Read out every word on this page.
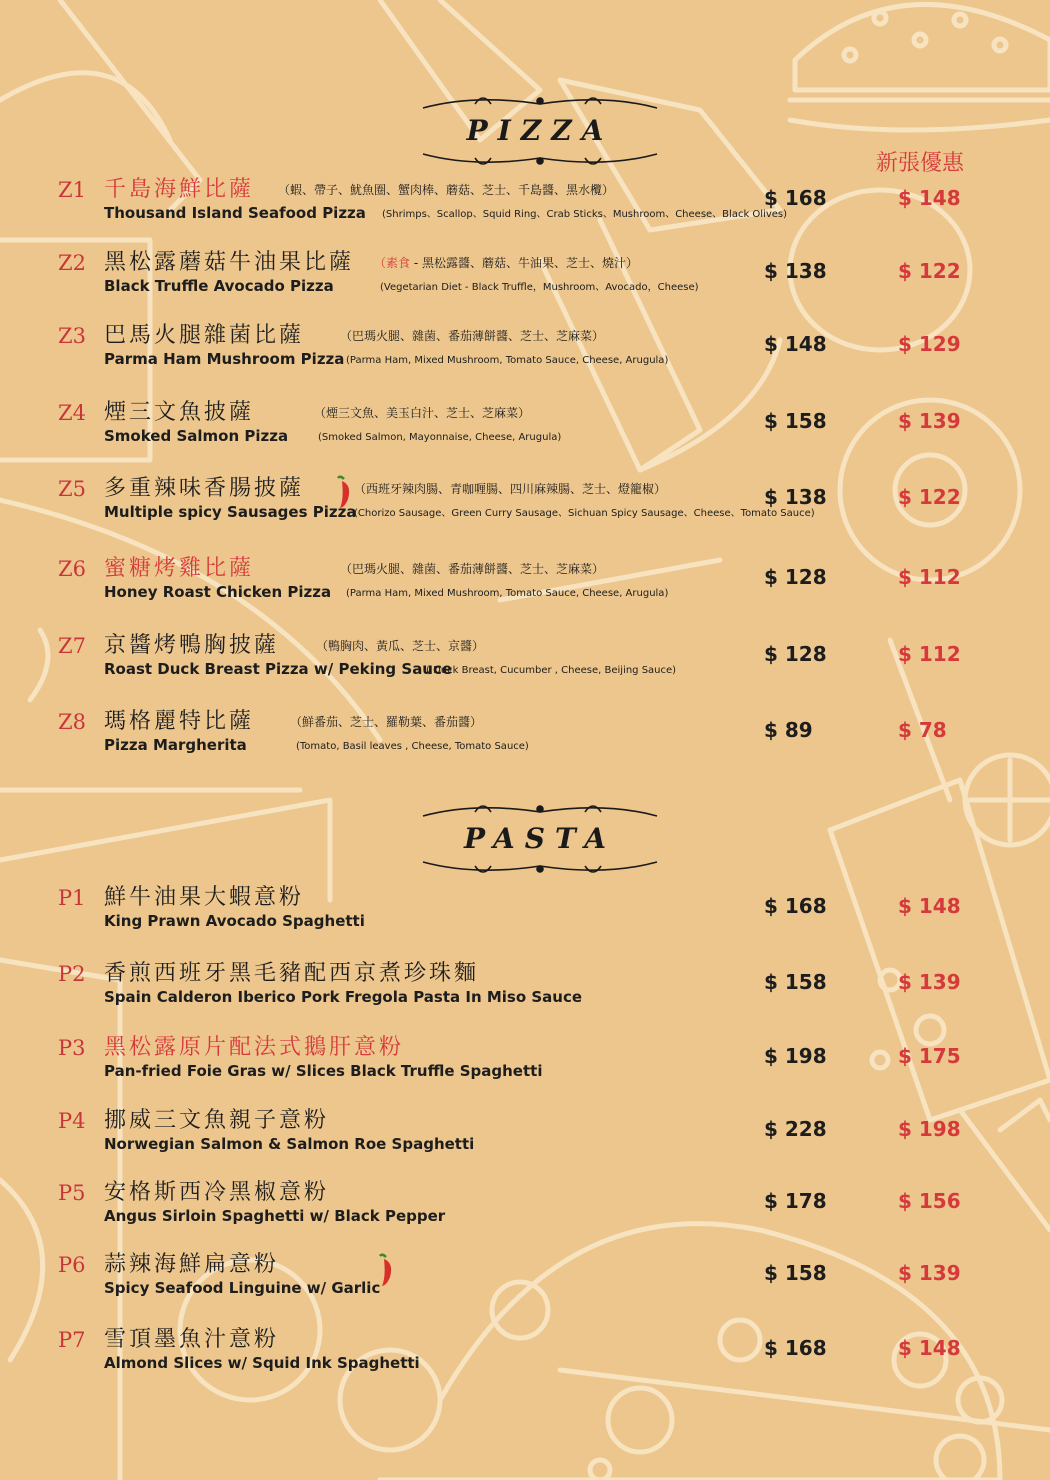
PIZZA
新張優惠
Z1 千島海鮮比薩 （蝦、帶子、魷魚圈、蟹肉棒、蘑菇、芝士、千島醬、黑水欖）
Thousand Island Seafood Pizza (Shrimps、Scallop、Squid Ring、Crab Sticks、Mushroom、Cheese、Black Olives)
$ 168	$ 148
Z2 黑松露蘑菇牛油果比薩 （素食 - 黑松露醬、蘑菇、牛油果、芝士、燒汁）
Black Truffle Avocado Pizza	(Vegetarian Diet - Black Truffle，Mushroom、Avocado，Cheese)
$ 138	$ 122
Z3 巴馬火腿雜菌比薩	（巴瑪火腿、雜菌、番茄薄餅醬、芝士、芝麻菜）
Parma Ham Mushroom Pizza (Parma Ham, Mixed Mushroom, Tomato Sauce, Cheese, Arugula)
$ 148	$ 129
Z4 煙三文魚披薩	（煙三文魚、美玉白汁、芝士、芝麻菜）
Smoked Salmon Pizza	(Smoked Salmon, Mayonnaise, Cheese, Arugula)
$ 158	$ 139
Z5 多重辣味香腸披薩	（西班牙辣肉腸、青咖喱腸、四川麻辣腸、芝士、燈籠椒）
Multiple spicy Sausages Pizza
(Chorizo Sausage、Green Curry Sausage、Sichuan Spicy Sausage、Cheese、Tomato Sauce)
$ 138	$ 122
Z6 蜜糖烤雞比薩	（巴瑪火腿、雜菌、番茄薄餅醬、芝士、芝麻菜）
Honey Roast Chicken Pizza (Parma Ham, Mixed Mushroom, Tomato Sauce, Cheese, Arugula)
$ 128	$ 112
Z7 京醬烤鴨胸披薩	（鴨胸肉、黃瓜、芝士、京醬）
Roast Duck Breast Pizza w/ Peking Sauce
( Duck Breast, Cucumber , Cheese, Beijing Sauce)
$ 128	$ 112
Z8 瑪格麗特比薩	（鮮番茄、芝士、羅勒葉、番茄醬）
Pizza Margherita	(Tomato, Basil leaves , Cheese, Tomato Sauce)
$ 89	$ 78
PASTA
P1 鮮牛油果大蝦意粉
King Prawn Avocado Spaghetti
$ 168	$ 148
P2 香煎西班牙黑毛豬配西京煮珍珠麵
Spain Calderon Iberico Pork Fregola Pasta In Miso Sauce
$ 158	$ 139
P3 黑松露原片配法式鵝肝意粉
Pan-fried Foie Gras w/ Slices Black Truffle Spaghetti
$ 198	$ 175
P4 挪威三文魚親子意粉
Norwegian Salmon & Salmon Roe Spaghetti
$ 228	$ 198
P5 安格斯西冷黑椒意粉
Angus Sirloin Spaghetti w/ Black Pepper
$ 178	$ 156
P6 蒜辣海鮮扁意粉
Spicy Seafood Linguine w/ Garlic
$ 158	$ 139
P7 雪頂墨魚汁意粉
Almond Slices w/ Squid Ink Spaghetti
$ 168	$ 148
